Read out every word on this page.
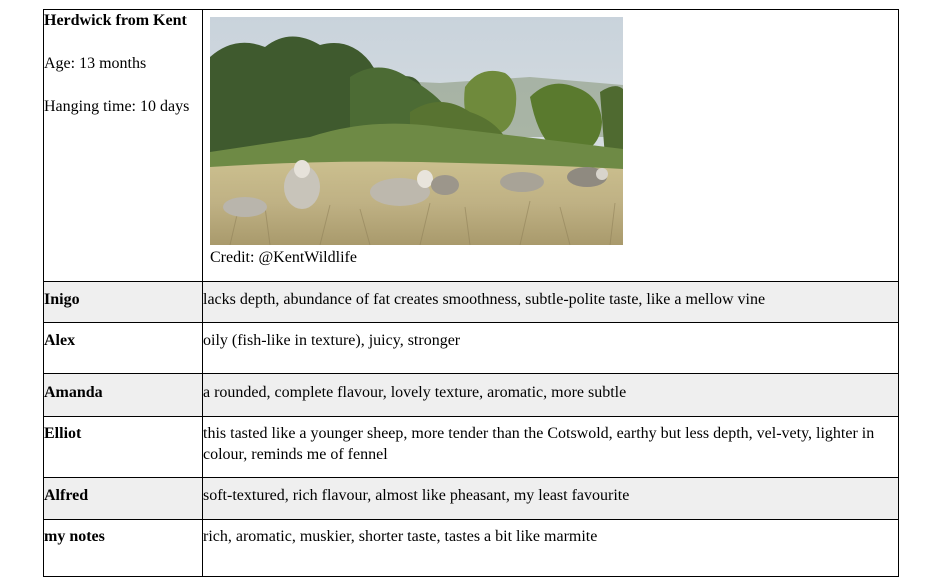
Herdwick from Kent
Age: 13 months
Hanging time: 10 days	Credit: @KentWildlife

Inigo	lacks depth, abundance of fat creates smoothness, subtle-polite taste, like a mellow vine
Alex	oily (fish-like in texture), juicy, stronger
Amanda	a rounded, complete flavour, lovely texture, aromatic, more subtle
Elliot	this tasted like a younger sheep, more tender than the Cotswold, earthy but less depth, vel-vety, lighter in colour, reminds me of fennel
Alfred	soft-textured, rich flavour, almost like pheasant, my least favourite
my notes	rich, aromatic, muskier, shorter taste, tastes a bit like marmite
